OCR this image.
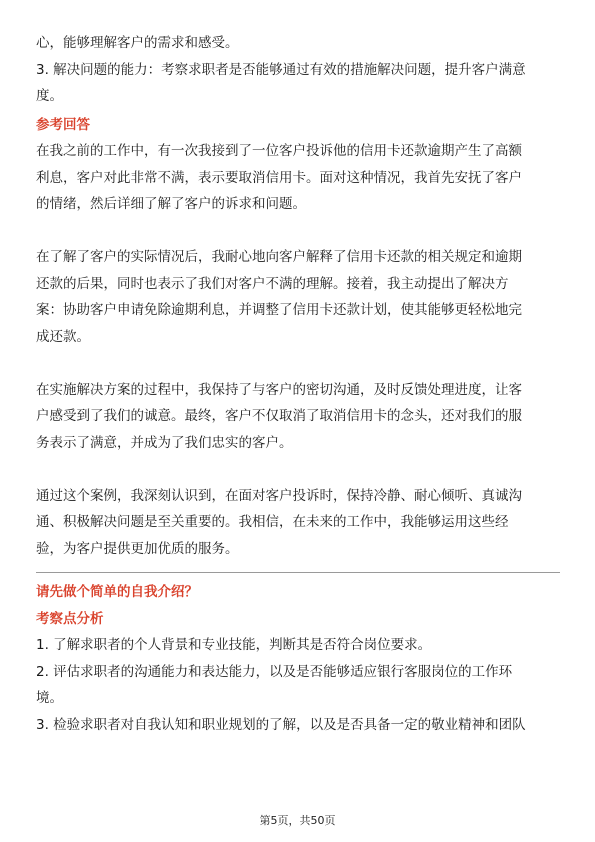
心，能够理解客户的需求和感受。

3. 解决问题的能力：考察求职者是否能够通过有效的措施解决问题，提升客户满意

度。

参考回答

在我之前的工作中，有一次我接到了一位客户投诉他的信用卡还款逾期产生了高额

利息，客户对此非常不满，表示要取消信用卡。面对这种情况，我首先安抚了客户

的情绪，然后详细了解了客户的诉求和问题。

在了解了客户的实际情况后，我耐心地向客户解释了信用卡还款的相关规定和逾期

还款的后果，同时也表示了我们对客户不满的理解。接着，我主动提出了解决方

案：协助客户申请免除逾期利息，并调整了信用卡还款计划，使其能够更轻松地完

成还款。

在实施解决方案的过程中，我保持了与客户的密切沟通，及时反馈处理进度，让客

户感受到了我们的诚意。最终，客户不仅取消了取消信用卡的念头，还对我们的服

务表示了满意，并成为了我们忠实的客户。

通过这个案例，我深刻认识到，在面对客户投诉时，保持冷静、耐心倾听、真诚沟

通、积极解决问题是至关重要的。我相信，在未来的工作中，我能够运用这些经

验，为客户提供更加优质的服务。

请先做个简单的自我介绍？

考察点分析

1. 了解求职者的个人背景和专业技能，判断其是否符合岗位要求。

2. 评估求职者的沟通能力和表达能力，以及是否能够适应银行客服岗位的工作环

境。

3. 检验求职者对自我认知和职业规划的了解，以及是否具备一定的敬业精神和团队

第5页，共50页
